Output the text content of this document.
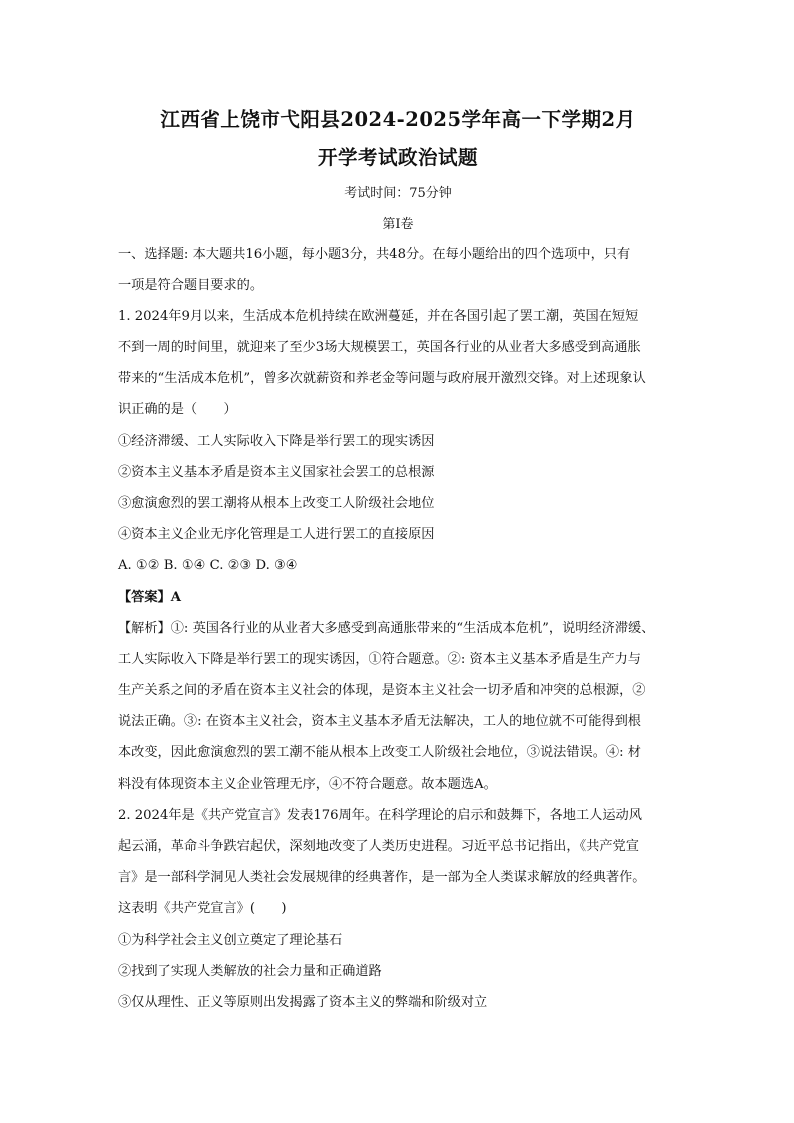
江西省上饶市弋阳县2024-2025学年高一下学期2月
开学考试政治试题
考试时间：75分钟
第Ⅰ卷
一、选择题: 本大题共16小题，每小题3分，共48分。在每小题给出的四个选项中，只有
一项是符合题目要求的。
1. 2024年9月以来，生活成本危机持续在欧洲蔓延，并在各国引起了罢工潮，英国在短短
不到一周的时间里，就迎来了至少3场大规模罢工，英国各行业的从业者大多感受到高通胀
带来的“生活成本危机”，曾多次就薪资和养老金等问题与政府展开激烈交锋。对上述现象认
识正确的是（　　）
①经济滞缓、工人实际收入下降是举行罢工的现实诱因
②资本主义基本矛盾是资本主义国家社会罢工的总根源
③愈演愈烈的罢工潮将从根本上改变工人阶级社会地位
④资本主义企业无序化管理是工人进行罢工的直接原因
A. ①② B. ①④ C. ②③ D. ③④
【答案】A
【解析】①: 英国各行业的从业者大多感受到高通胀带来的“生活成本危机”，说明经济滞缓、
工人实际收入下降是举行罢工的现实诱因，①符合题意。②: 资本主义基本矛盾是生产力与
生产关系之间的矛盾在资本主义社会的体现，是资本主义社会一切矛盾和冲突的总根源，②
说法正确。③: 在资本主义社会，资本主义基本矛盾无法解决，工人的地位就不可能得到根
本改变，因此愈演愈烈的罢工潮不能从根本上改变工人阶级社会地位，③说法错误。④: 材
料没有体现资本主义企业管理无序，④不符合题意。故本题选A。
2. 2024年是《共产党宣言》发表176周年。在科学理论的启示和鼓舞下，各地工人运动风
起云涌，革命斗争跌宕起伏，深刻地改变了人类历史进程。习近平总书记指出，《共产党宣
言》是一部科学洞见人类社会发展规律的经典著作，是一部为全人类谋求解放的经典著作。
这表明《共产党宣言》(　　)
①为科学社会主义创立奠定了理论基石
②找到了实现人类解放的社会力量和正确道路
③仅从理性、正义等原则出发揭露了资本主义的弊端和阶级对立
